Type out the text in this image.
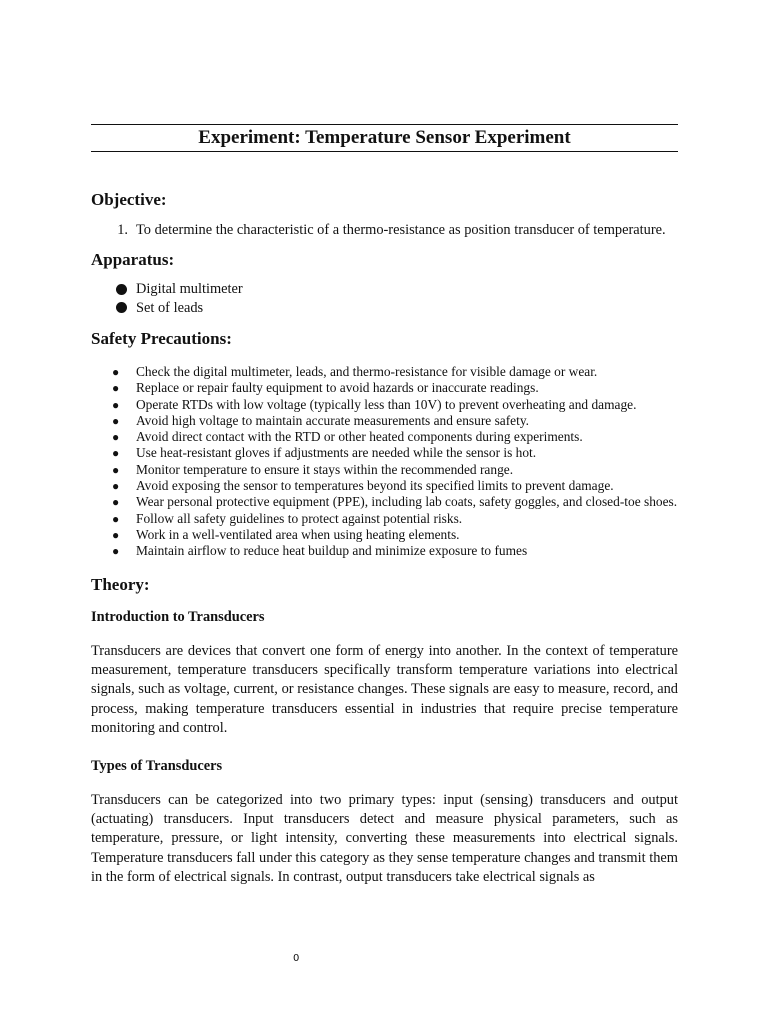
Experiment: Temperature Sensor Experiment
Objective:
1. To determine the characteristic of a thermo-resistance as position transducer of temperature.
Apparatus:
Digital multimeter
Set of leads
Safety Precautions:
●	Check the digital multimeter, leads, and thermo-resistance for visible damage or wear.
●	Replace or repair faulty equipment to avoid hazards or inaccurate readings.
●	Operate RTDs with low voltage (typically less than 10V) to prevent overheating and damage.
●	Avoid high voltage to maintain accurate measurements and ensure safety.
●	Avoid direct contact with the RTD or other heated components during experiments.
●	Use heat-resistant gloves if adjustments are needed while the sensor is hot.
●	Monitor temperature to ensure it stays within the recommended range.
●	Avoid exposing the sensor to temperatures beyond its specified limits to prevent damage.
●	Wear personal protective equipment (PPE), including lab coats, safety goggles, and closed-toe shoes.
●	Follow all safety guidelines to protect against potential risks.
●	Work in a well-ventilated area when using heating elements.
●	Maintain airflow to reduce heat buildup and minimize exposure to fumes
Theory:
Introduction to Transducers

Transducers are devices that convert one form of energy into another. In the context of temperature measurement, temperature transducers specifically transform temperature variations into electrical signals, such as voltage, current, or resistance changes. These signals are easy to measure, record, and process, making temperature transducers essential in industries that require precise temperature monitoring and control.

Types of Transducers

Transducers can be categorized into two primary types: input (sensing) transducers and output (actuating) transducers. Input transducers detect and measure physical parameters, such as temperature, pressure, or light intensity, converting these measurements into electrical signals. Temperature transducers fall under this category as they sense temperature changes and transmit them in the form of electrical signals. In contrast, output transducers take electrical signals as

0
